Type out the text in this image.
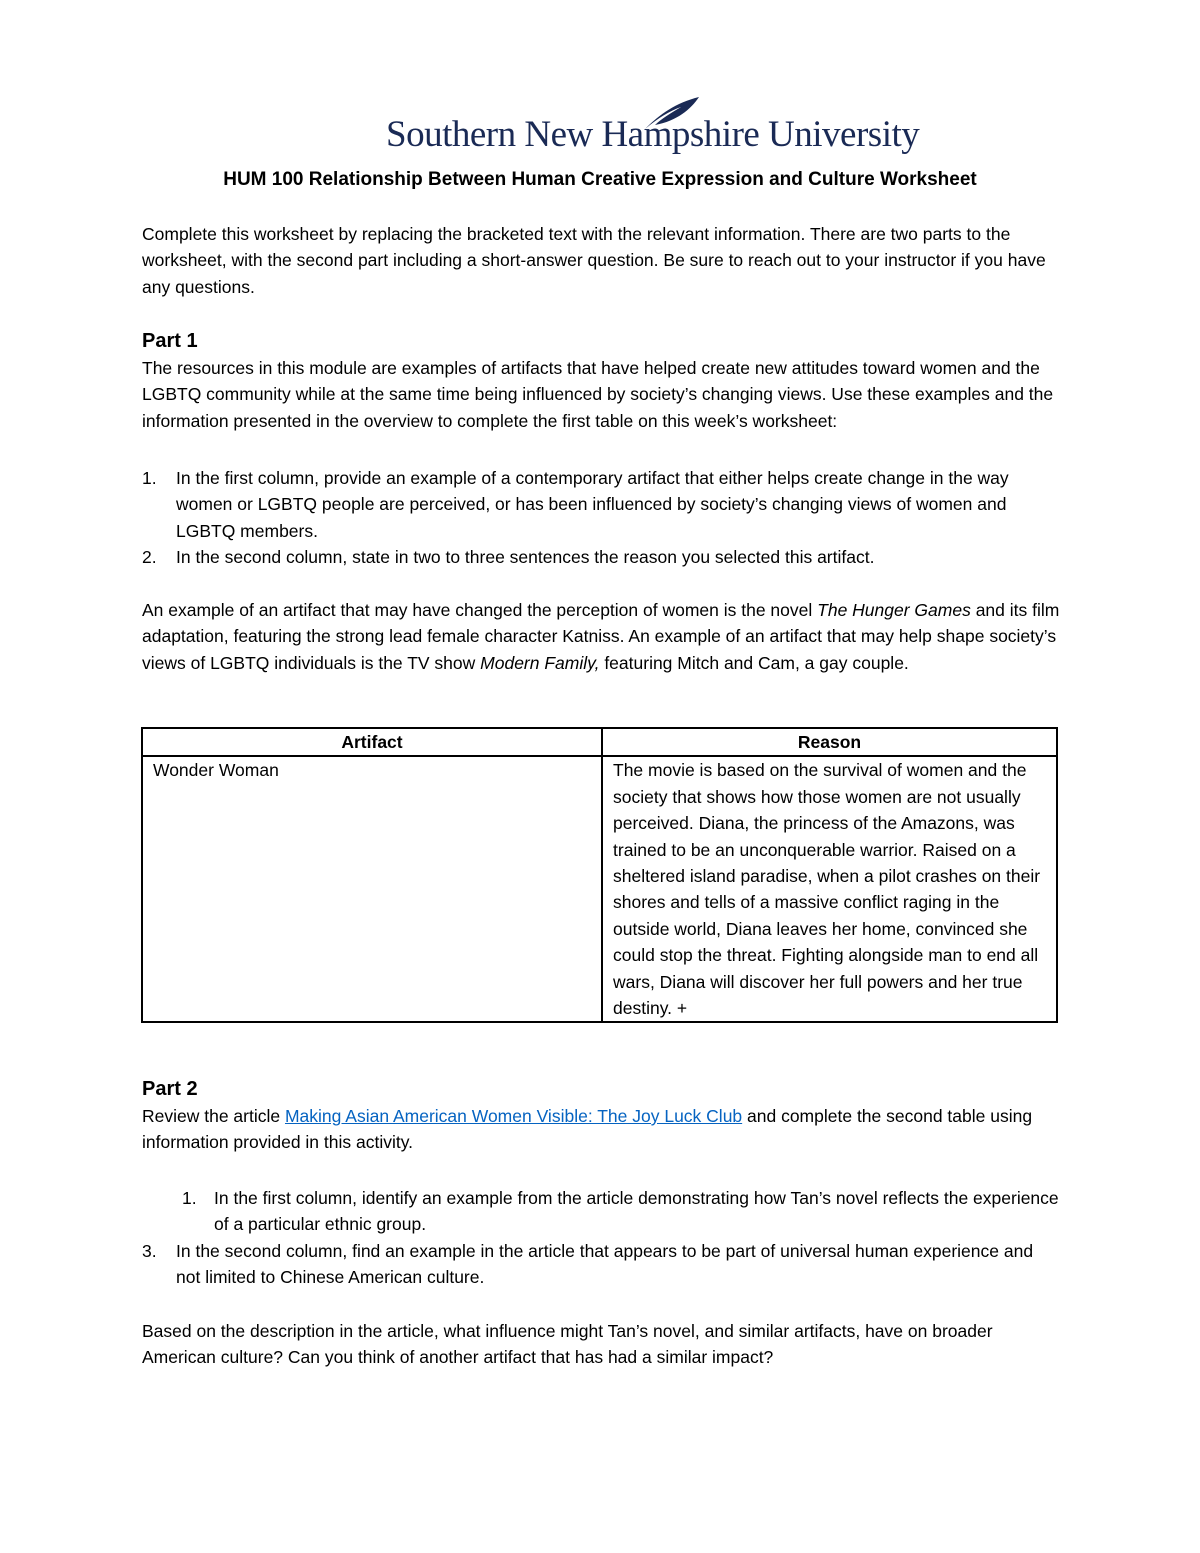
Southern New Hampshire University
HUM 100 Relationship Between Human Creative Expression and Culture Worksheet

Complete this worksheet by replacing the bracketed text with the relevant information. There are two parts to the worksheet, with the second part including a short-answer question. Be sure to reach out to your instructor if you have any questions.

Part 1

The resources in this module are examples of artifacts that have helped create new attitudes toward women and the LGBTQ community while at the same time being influenced by society’s changing views. Use these examples and the information presented in the overview to complete the first table on this week’s worksheet:

1. In the first column, provide an example of a contemporary artifact that either helps create change in the way women or LGBTQ people are perceived, or has been influenced by society’s changing views of women and LGBTQ members.
2. In the second column, state in two to three sentences the reason you selected this artifact.

An example of an artifact that may have changed the perception of women is the novel The Hunger Games and its film adaptation, featuring the strong lead female character Katniss. An example of an artifact that may help shape society’s views of LGBTQ individuals is the TV show Modern Family, featuring Mitch and Cam, a gay couple.

Artifact	Reason
Wonder Woman	The movie is based on the survival of women and the society that shows how those women are not usually perceived. Diana, the princess of the Amazons, was trained to be an unconquerable warrior. Raised on a sheltered island paradise, when a pilot crashes on their shores and tells of a massive conflict raging in the outside world, Diana leaves her home, convinced she could stop the threat. Fighting alongside man to end all wars, Diana will discover her full powers and her true destiny. +
Part 2

Review the article Making Asian American Women Visible: The Joy Luck Club and complete the second table using information provided in this activity.

1. In the first column, identify an example from the article demonstrating how Tan’s novel reflects the experience of a particular ethnic group.
3. In the second column, find an example in the article that appears to be part of universal human experience and not limited to Chinese American culture.

Based on the description in the article, what influence might Tan’s novel, and similar artifacts, have on broader American culture? Can you think of another artifact that has had a similar impact?
